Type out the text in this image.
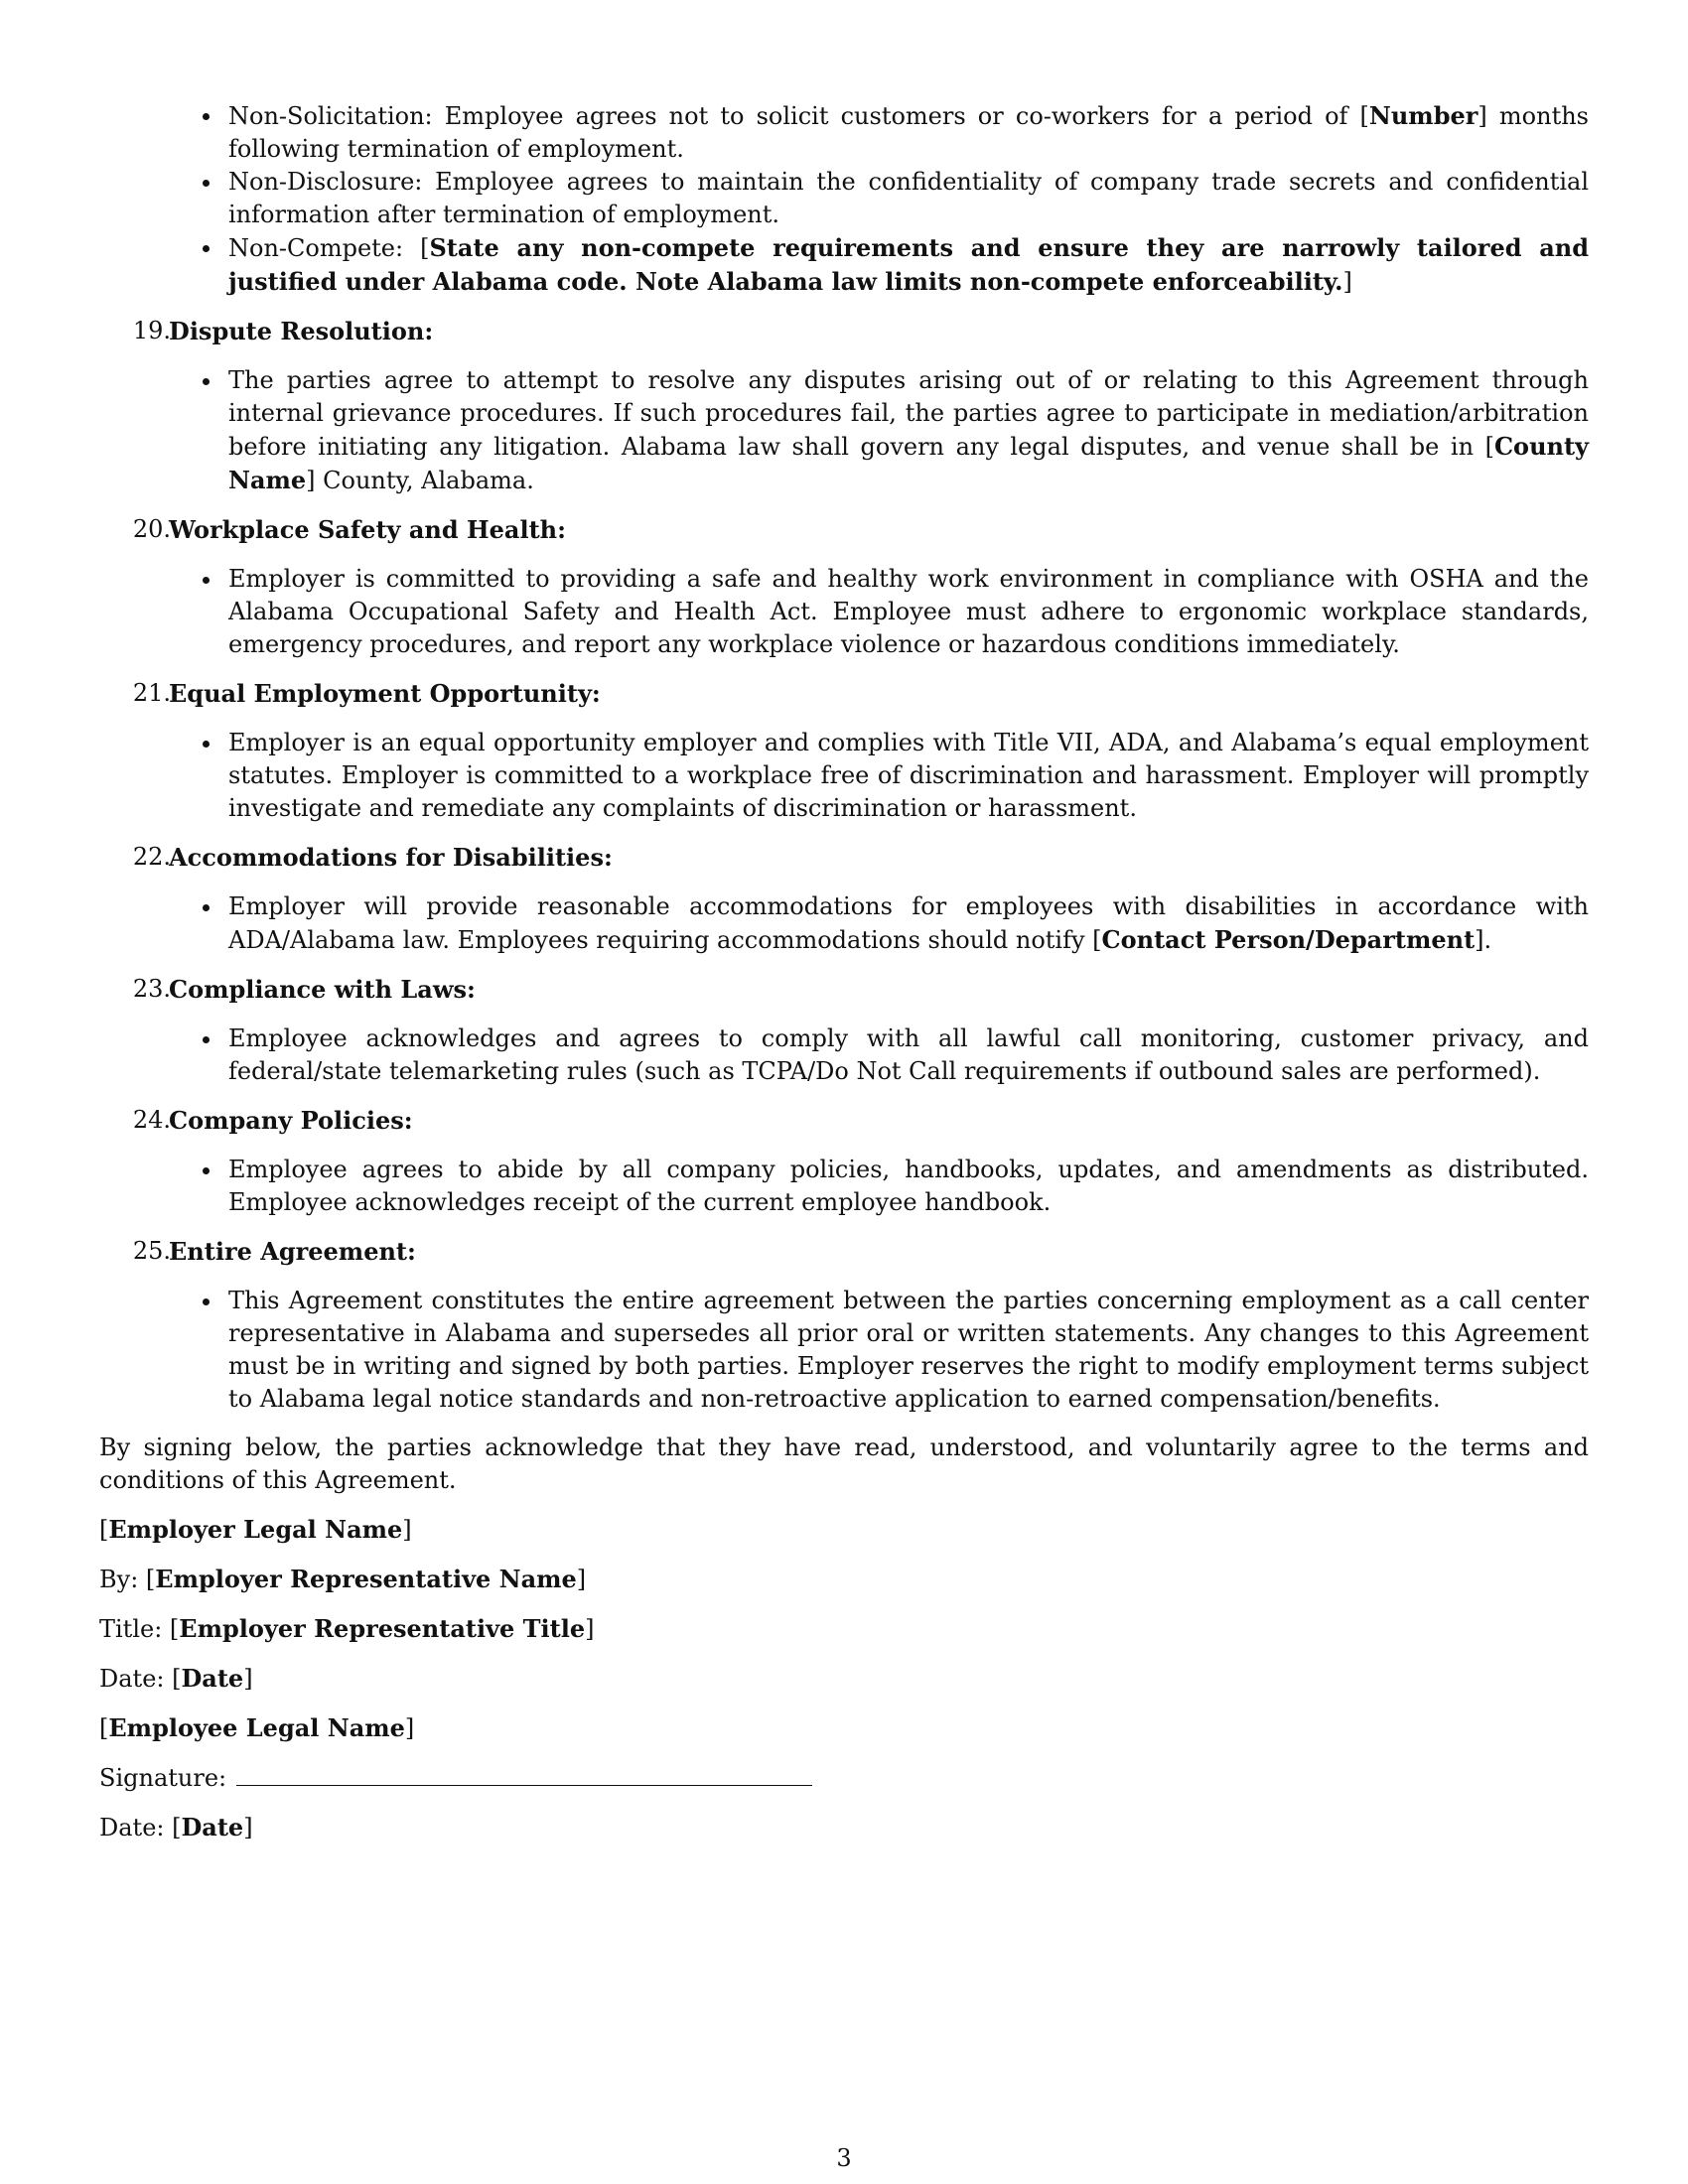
Non-Solicitation: Employee agrees not to solicit customers or co-workers for a period of [Number] months following termination of employment.
Non-Disclosure: Employee agrees to maintain the confidentiality of company trade secrets and confidential information after termination of employment.
Non-Compete: [State any non-compete requirements and ensure they are narrowly tailored and justified under Alabama code. Note Alabama law limits non-compete enforceability.]
19.
Dispute Resolution:
The parties agree to attempt to resolve any disputes arising out of or relating to this Agreement through internal grievance procedures. If such procedures fail, the parties agree to participate in mediation/arbitration before initiating any litigation. Alabama law shall govern any legal disputes, and venue shall be in [County Name] County, Alabama.
20.
Workplace Safety and Health:
Employer is committed to providing a safe and healthy work environment in compliance with OSHA and the Alabama Occupational Safety and Health Act. Employee must adhere to ergonomic workplace standards, emergency procedures, and report any workplace violence or hazardous conditions immediately.
21.
Equal Employment Opportunity:
Employer is an equal opportunity employer and complies with Title VII, ADA, and Alabama’s equal employment statutes. Employer is committed to a workplace free of discrimination and harassment. Employer will promptly investigate and remediate any complaints of discrimination or harassment.
22.
Accommodations for Disabilities:
Employer will provide reasonable accommodations for employees with disabilities in accordance with ADA/Alabama law. Employees requiring accommodations should notify [Contact Person/Department].
23.
Compliance with Laws:
Employee acknowledges and agrees to comply with all lawful call monitoring, customer privacy, and federal/state telemarketing rules (such as TCPA/Do Not Call requirements if outbound sales are performed).
24.
Company Policies:
Employee agrees to abide by all company policies, handbooks, updates, and amendments as distributed. Employee acknowledges receipt of the current employee handbook.
25.
Entire Agreement:
This Agreement constitutes the entire agreement between the parties concerning employment as a call center representative in Alabama and supersedes all prior oral or written statements. Any changes to this Agreement must be in writing and signed by both parties. Employer reserves the right to modify employment terms subject to Alabama legal notice standards and non-retroactive application to earned compensation/benefits.

By signing below, the parties acknowledge that they have read, understood, and voluntarily agree to the terms and conditions of this Agreement.

[Employer Legal Name]
By: [Employer Representative Name]
Title: [Employer Representative Title]
Date: [Date]
[Employee Legal Name]
Signature:
Date: [Date]
3
